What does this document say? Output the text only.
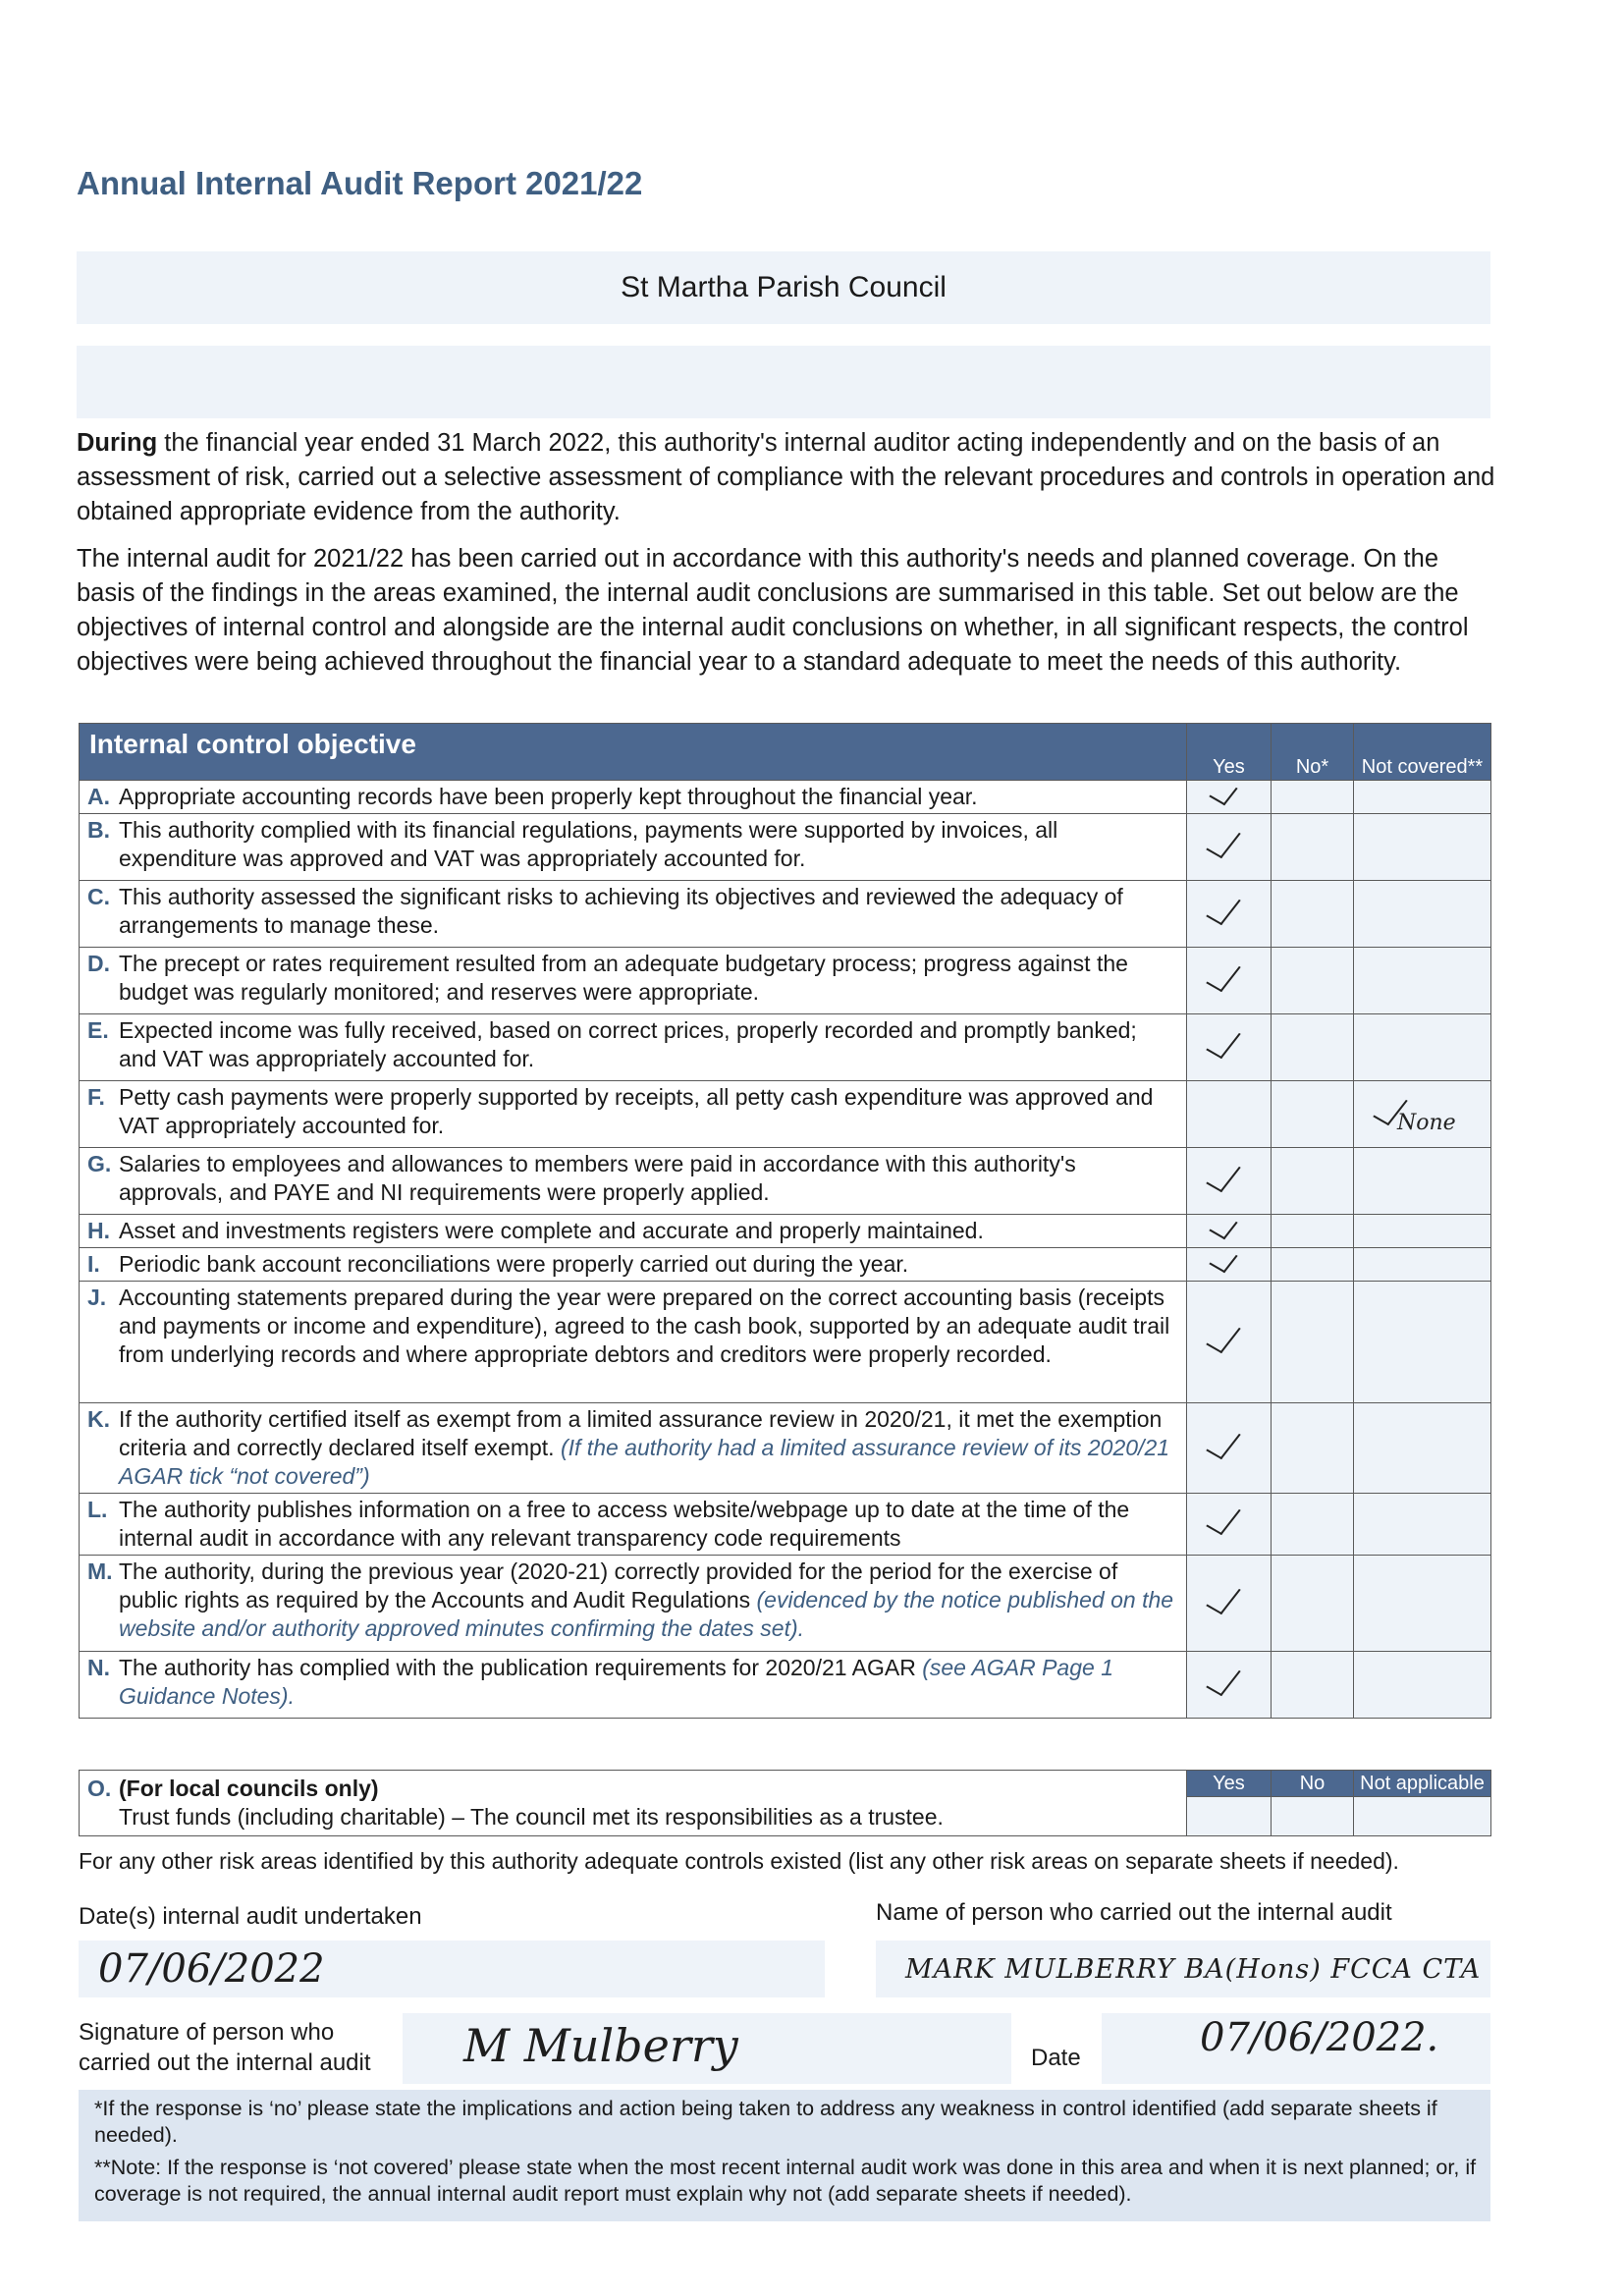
Annual Internal Audit Report 2021/22
St Martha Parish Council
During the financial year ended 31 March 2022, this authority's internal auditor acting independently and on the basis of an assessment of risk, carried out a selective assessment of compliance with the relevant procedures and controls in operation and obtained appropriate evidence from the authority.
The internal audit for 2021/22 has been carried out in accordance with this authority's needs and planned coverage. On the basis of the findings in the areas examined, the internal audit conclusions are summarised in this table. Set out below are the objectives of internal control and alongside are the internal audit conclusions on whether, in all significant respects, the control objectives were being achieved throughout the financial year to a standard adequate to meet the needs of this authority.
Internal control objective	Yes	No*	Not covered**

A. Appropriate accounting records have been properly kept throughout the financial year.			

B. This authority complied with its financial regulations, payments were supported by invoices, all expenditure was approved and VAT was appropriately accounted for.			

C. This authority assessed the significant risks to achieving its objectives and reviewed the adequacy of arrangements to manage these.			

D. The precept or rates requirement resulted from an adequate budgetary process; progress against the budget was regularly monitored; and reserves were appropriate.			

E. Expected income was fully received, based on correct prices, properly recorded and promptly banked; and VAT was appropriately accounted for.			

F. Petty cash payments were properly supported by receipts, all petty cash expenditure was approved and VAT appropriately accounted for.			None

G. Salaries to employees and allowances to members were paid in accordance with this authority's approvals, and PAYE and NI requirements were properly applied.			

H. Asset and investments registers were complete and accurate and properly maintained.			

I. Periodic bank account reconciliations were properly carried out during the year.			

J. Accounting statements prepared during the year were prepared on the correct accounting basis (receipts and payments or income and expenditure), agreed to the cash book, supported by an adequate audit trail from underlying records and where appropriate debtors and creditors were properly recorded.			

K. If the authority certified itself as exempt from a limited assurance review in 2020/21, it met the exemption criteria and correctly declared itself exempt. (If the authority had a limited assurance review of its 2020/21 AGAR tick “not covered”)			

L. The authority publishes information on a free to access website/webpage up to date at the time of the internal audit in accordance with any relevant transparency code requirements			

M. The authority, during the previous year (2020-21) correctly provided for the period for the exercise of public rights as required by the Accounts and Audit Regulations (evidenced by the notice published on the website and/or authority approved minutes confirming the dates set).			

N. The authority has complied with the publication requirements for 2020/21 AGAR (see AGAR Page 1 Guidance Notes).			
O. (For local councils only)
Trust funds (including charitable) – The council met its responsibilities as a trustee.	Yes	No	Not applicable

For any other risk areas identified by this authority adequate controls existed (list any other risk areas on separate sheets if needed).
Date(s) internal audit undertaken	Name of person who carried out the internal audit
07/06/2022	MARK MULBERRY BA(Hons) FCCA CTA
Signature of person who
carried out the internal audit M Mulberry	Date	07/06/2022.
*If the response is ‘no’ please state the implications and action being taken to address any weakness in control identified (add separate sheets if needed).
**Note: If the response is ‘not covered’ please state when the most recent internal audit work was done in this area and when it is next planned; or, if coverage is not required, the annual internal audit report must explain why not (add separate sheets if needed).
